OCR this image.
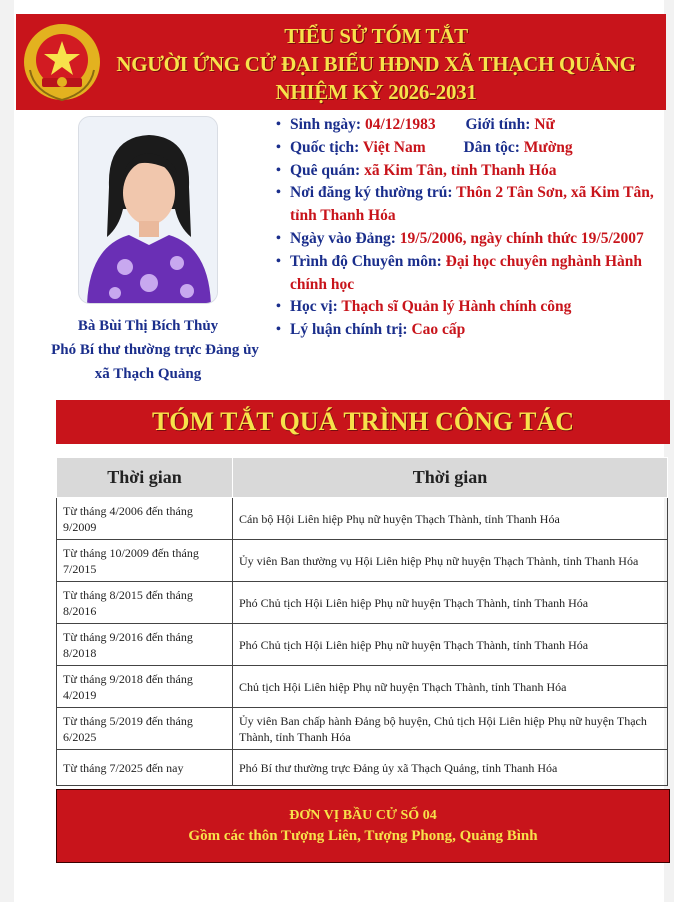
TIỂU SỬ TÓM TẮT
NGƯỜI ỨNG CỬ ĐẠI BIỂU HĐND XÃ THẠCH QUẢNG
NHIỆM KỲ 2026-2031
Bà Bùi Thị Bích Thủy
Phó Bí thư thường trực Đảng ủy
xã Thạch Quảng
• Sinh ngày: 04/12/1983 Giới tính: Nữ
• Quốc tịch: Việt Nam Dân tộc: Mường
• Quê quán: xã Kim Tân, tỉnh Thanh Hóa
• Nơi đăng ký thường trú: Thôn 2 Tân Sơn, xã Kim Tân, tỉnh Thanh Hóa
• Ngày vào Đảng: 19/5/2006, ngày chính thức 19/5/2007
• Trình độ Chuyên môn: Đại học chuyên nghành Hành chính học
• Học vị: Thạch sĩ Quản lý Hành chính công
• Lý luận chính trị: Cao cấp
TÓM TẮT QUÁ TRÌNH CÔNG TÁC
Thời gian	Thời gian
Từ tháng 4/2006 đến tháng 9/2009	Cán bộ Hội Liên hiệp Phụ nữ huyện Thạch Thành, tỉnh Thanh Hóa
Từ tháng 10/2009 đến tháng 7/2015	Ủy viên Ban thường vụ Hội Liên hiệp Phụ nữ huyện Thạch Thành, tỉnh Thanh Hóa
Từ tháng 8/2015 đến tháng 8/2016	Phó Chủ tịch Hội Liên hiệp Phụ nữ huyện Thạch Thành, tỉnh Thanh Hóa
Từ tháng 9/2016 đến tháng 8/2018	Phó Chủ tịch Hội Liên hiệp Phụ nữ huyện Thạch Thành, tỉnh Thanh Hóa
Từ tháng 9/2018 đến tháng 4/2019	Chủ tịch Hội Liên hiệp Phụ nữ huyện Thạch Thành, tỉnh Thanh Hóa
Từ tháng 5/2019 đến tháng 6/2025	Ủy viên Ban chấp hành Đảng bộ huyện, Chủ tịch Hội Liên hiệp Phụ nữ huyện Thạch Thành, tỉnh Thanh Hóa
Từ tháng 7/2025 đến nay	Phó Bí thư thường trực Đảng ủy xã Thạch Quảng, tỉnh Thanh Hóa
ĐƠN VỊ BẦU CỬ SỐ 04
Gồm các thôn Tượng Liên, Tượng Phong, Quảng Bình
